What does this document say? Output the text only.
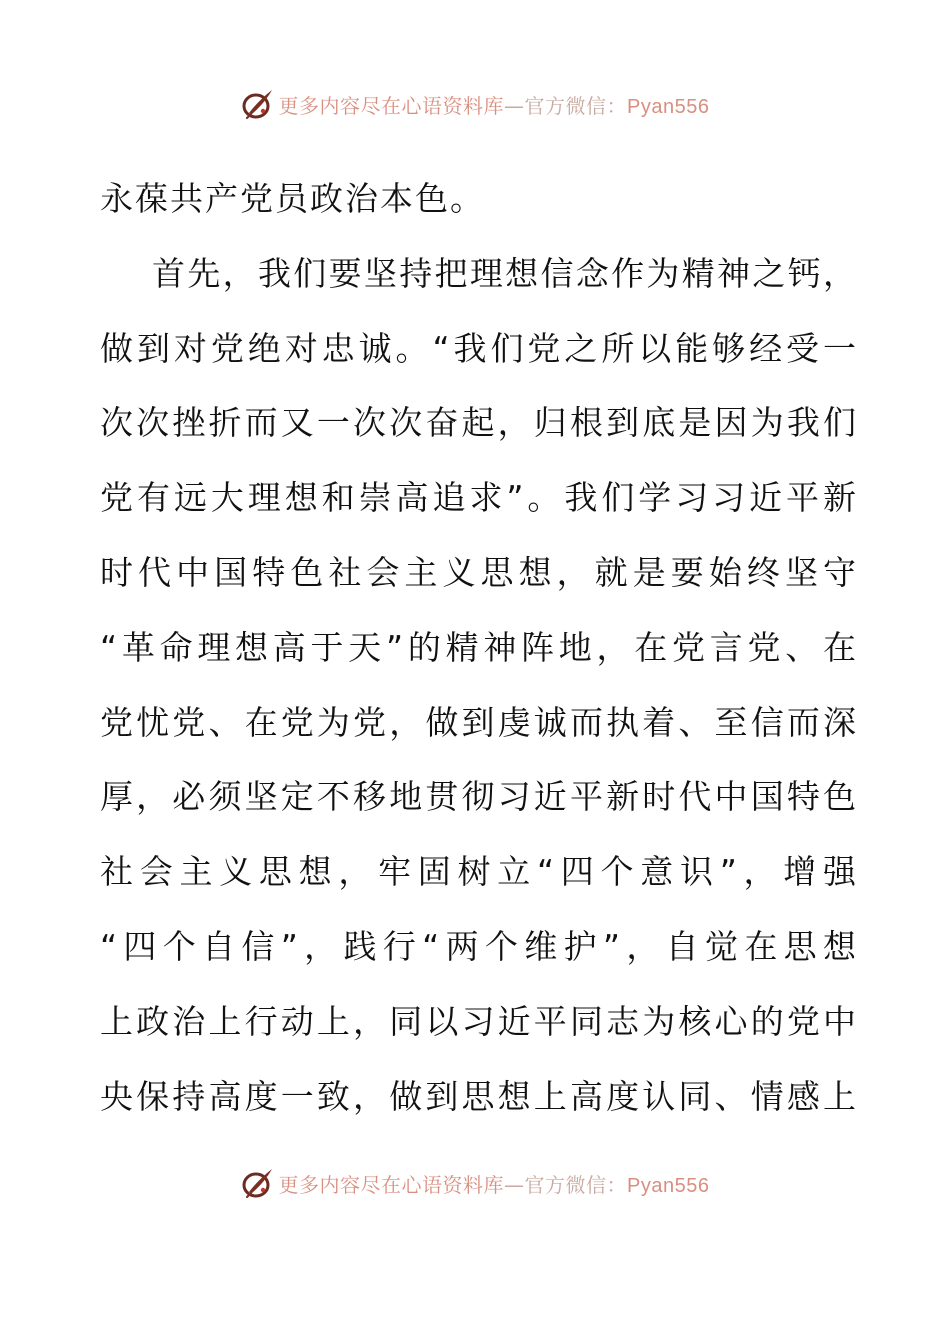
更多内容尽在心语资料库—官方微信：Pyan556
永葆共产党员政治本色。
首先，我们要坚持把理想信念作为精神之钙，
做到对党绝对忠诚。“我们党之所以能够经受一
次次挫折而又一次次奋起，归根到底是因为我们
党有远大理想和崇高追求”。我们学习习近平新
时代中国特色社会主义思想，就是要始终坚守
“革命理想高于天”的精神阵地，在党言党、在
党忧党、在党为党，做到虔诚而执着、至信而深
厚，必须坚定不移地贯彻习近平新时代中国特色
社会主义思想，牢固树立“四个意识”，增强
“四个自信”，践行“两个维护”，自觉在思想
上政治上行动上，同以习近平同志为核心的党中
央保持高度一致，做到思想上高度认同、情感上
更多内容尽在心语资料库—官方微信：Pyan556
